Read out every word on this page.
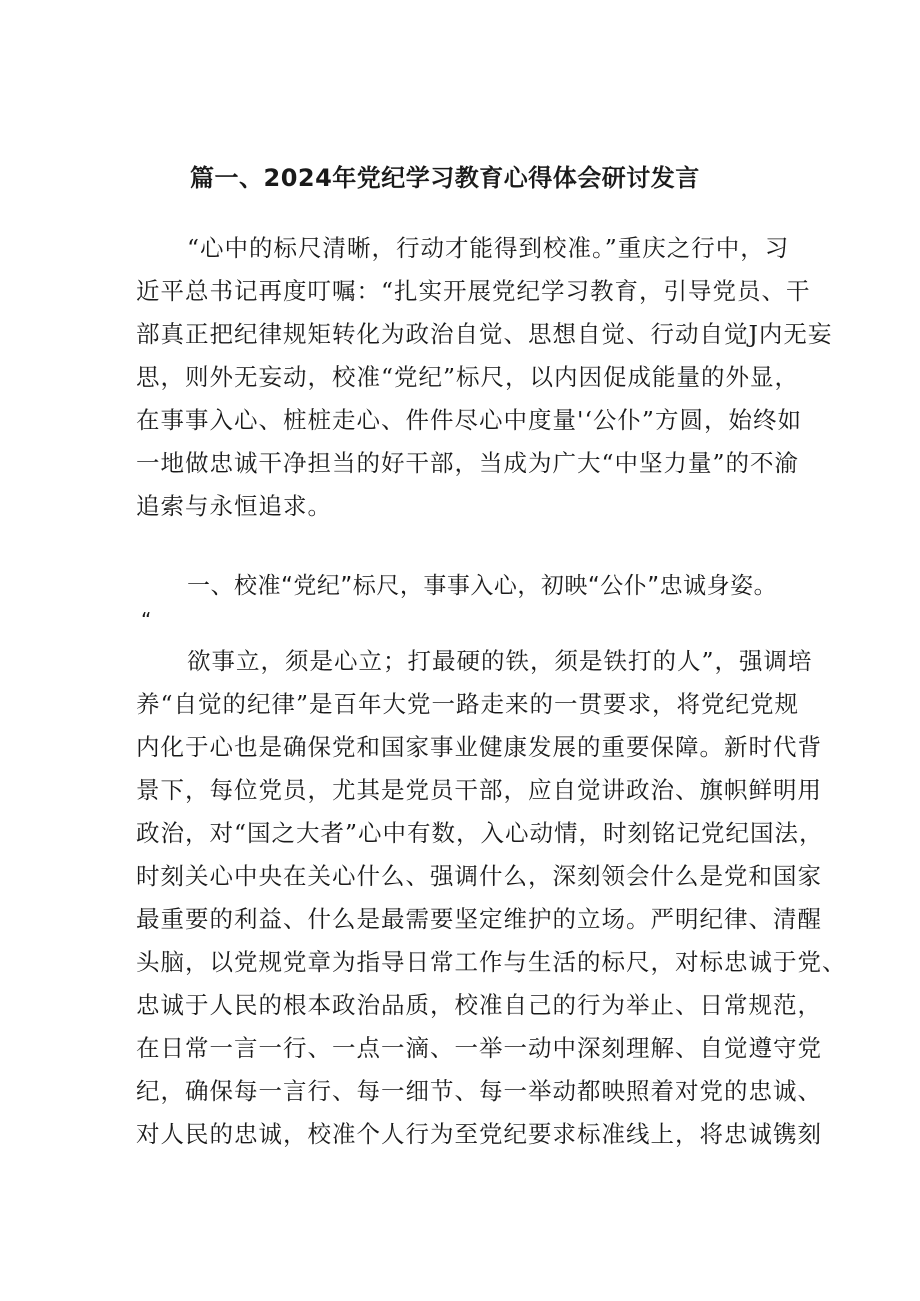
篇一、2024年党纪学习教育心得体会研讨发言
“心中的标尺清晰，行动才能得到校准。”重庆之行中，习
近平总书记再度叮嘱：“扎实开展党纪学习教育，引导党员、干
部真正把纪律规矩转化为政治自觉、思想自觉、行动自觉J内无妄
思，则外无妄动，校准“党纪”标尺，以内因促成能量的外显，
在事事入心、桩桩走心、件件尽心中度量'‘公仆”方圆，始终如
一地做忠诚干净担当的好干部，当成为广大“中坚力量”的不渝
追索与永恒追求。
一、校准“党纪”标尺，事事入心，初映“公仆”忠诚身姿。
“
欲事立，须是心立；打最硬的铁，须是铁打的人”，强调培
养“自觉的纪律”是百年大党一路走来的一贯要求，将党纪党规
内化于心也是确保党和国家事业健康发展的重要保障。新时代背
景下，每位党员，尤其是党员干部，应自觉讲政治、旗帜鲜明用
政治，对“国之大者”心中有数，入心动情，时刻铭记党纪国法，
时刻关心中央在关心什么、强调什么，深刻领会什么是党和国家
最重要的利益、什么是最需要坚定维护的立场。严明纪律、清醒
头脑，以党规党章为指导日常工作与生活的标尺，对标忠诚于党、
忠诚于人民的根本政治品质，校准自己的行为举止、日常规范，
在日常一言一行、一点一滴、一举一动中深刻理解、自觉遵守党
纪，确保每一言行、每一细节、每一举动都映照着对党的忠诚、
对人民的忠诚，校准个人行为至党纪要求标准线上，将忠诚镌刻
